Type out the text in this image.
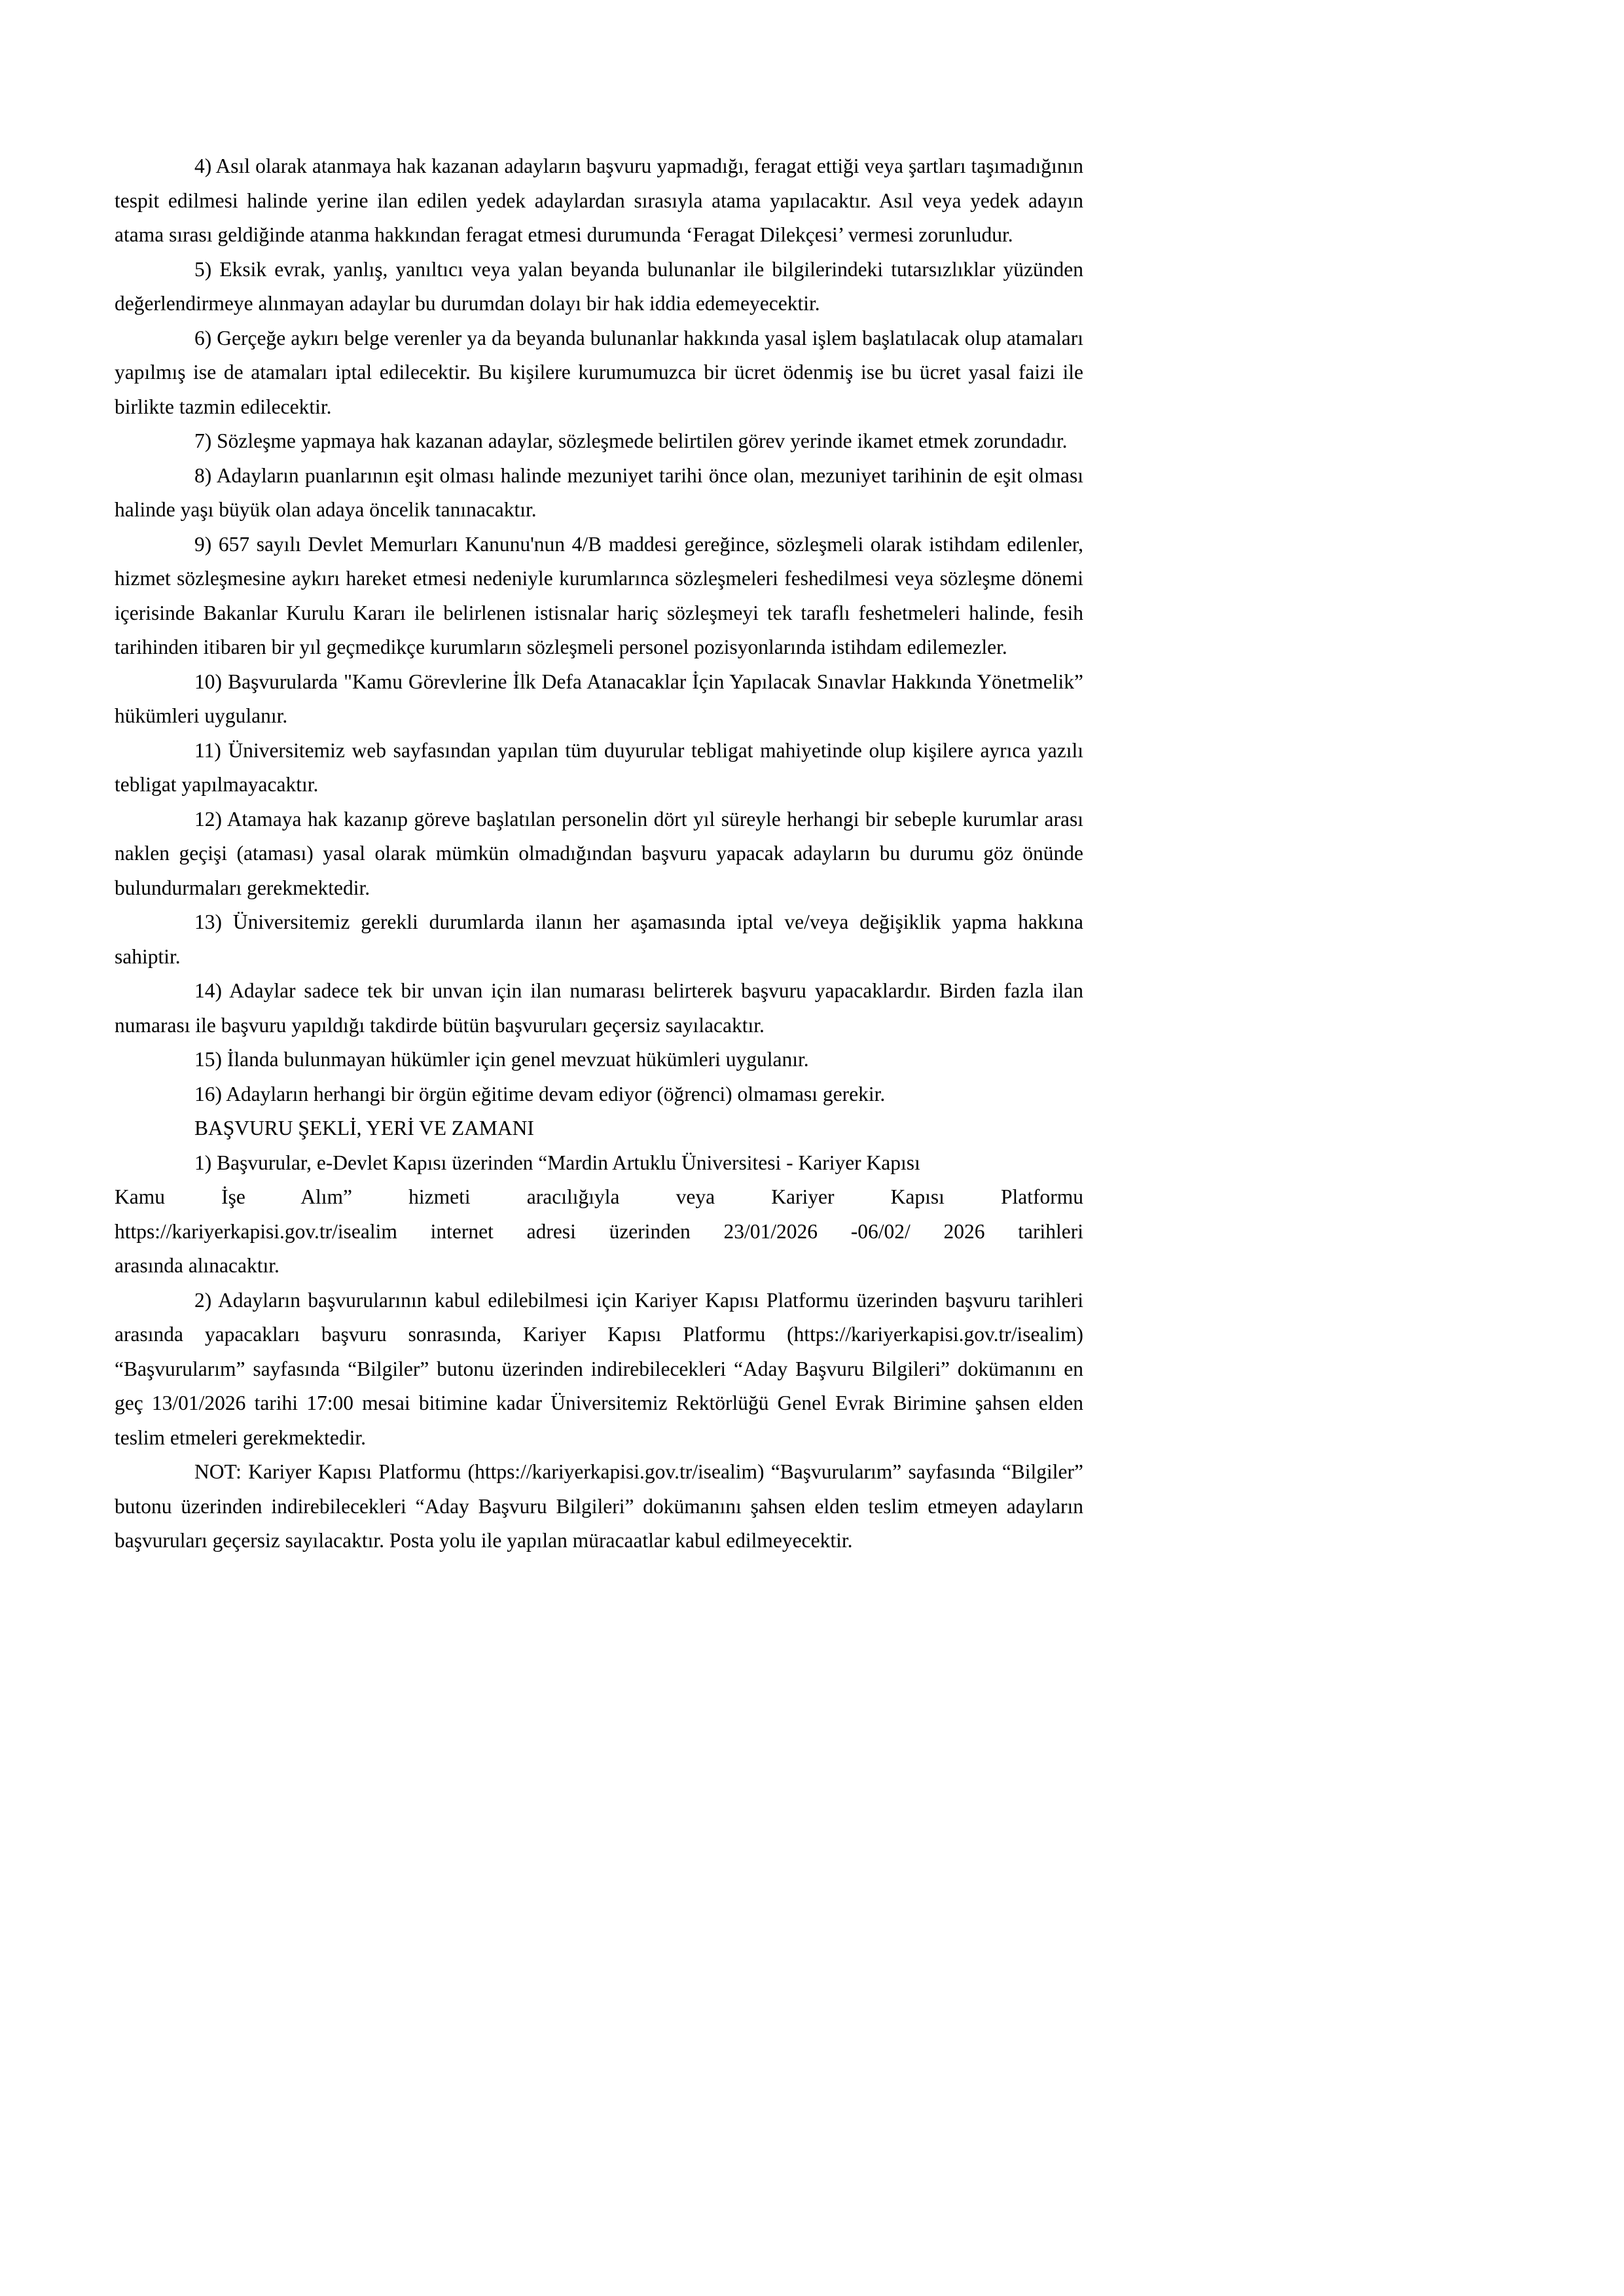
4) Asıl olarak atanmaya hak kazanan adayların başvuru yapmadığı, feragat ettiği veya şartları taşımadığının tespit edilmesi halinde yerine ilan edilen yedek adaylardan sırasıyla atama yapılacaktır. Asıl veya yedek adayın atama sırası geldiğinde atanma hakkından feragat etmesi durumunda ‘Feragat Dilekçesi’ vermesi zorunludur.

5) Eksik evrak, yanlış, yanıltıcı veya yalan beyanda bulunanlar ile bilgilerindeki tutarsızlıklar yüzünden değerlendirmeye alınmayan adaylar bu durumdan dolayı bir hak iddia edemeyecektir.

6) Gerçeğe aykırı belge verenler ya da beyanda bulunanlar hakkında yasal işlem başlatılacak olup atamaları yapılmış ise de atamaları iptal edilecektir. Bu kişilere kurumumuzca bir ücret ödenmiş ise bu ücret yasal faizi ile birlikte tazmin edilecektir.

7) Sözleşme yapmaya hak kazanan adaylar, sözleşmede belirtilen görev yerinde ikamet etmek zorundadır.

8) Adayların puanlarının eşit olması halinde mezuniyet tarihi önce olan, mezuniyet tarihinin de eşit olması halinde yaşı büyük olan adaya öncelik tanınacaktır.

9) 657 sayılı Devlet Memurları Kanunu'nun 4/B maddesi gereğince, sözleşmeli olarak istihdam edilenler, hizmet sözleşmesine aykırı hareket etmesi nedeniyle kurumlarınca sözleşmeleri feshedilmesi veya sözleşme dönemi içerisinde Bakanlar Kurulu Kararı ile belirlenen istisnalar hariç sözleşmeyi tek taraflı feshetmeleri halinde, fesih tarihinden itibaren bir yıl geçmedikçe kurumların sözleşmeli personel pozisyonlarında istihdam edilemezler.

10) Başvurularda "Kamu Görevlerine İlk Defa Atanacaklar İçin Yapılacak Sınavlar Hakkında Yönetmelik” hükümleri uygulanır.

11) Üniversitemiz web sayfasından yapılan tüm duyurular tebligat mahiyetinde olup kişilere ayrıca yazılı tebligat yapılmayacaktır.

12) Atamaya hak kazanıp göreve başlatılan personelin dört yıl süreyle herhangi bir sebeple kurumlar arası naklen geçişi (ataması) yasal olarak mümkün olmadığından başvuru yapacak adayların bu durumu göz önünde bulundurmaları gerekmektedir.

13) Üniversitemiz gerekli durumlarda ilanın her aşamasında iptal ve/veya değişiklik yapma hakkına sahiptir.

14) Adaylar sadece tek bir unvan için ilan numarası belirterek başvuru yapacaklardır. Birden fazla ilan numarası ile başvuru yapıldığı takdirde bütün başvuruları geçersiz sayılacaktır.

15) İlanda bulunmayan hükümler için genel mevzuat hükümleri uygulanır.

16) Adayların herhangi bir örgün eğitime devam ediyor (öğrenci) olmaması gerekir.

BAŞVURU ŞEKLİ, YERİ VE ZAMANI

1) Başvurular, e-Devlet Kapısı üzerinden “Mardin Artuklu Üniversitesi - Kariyer Kapısı
Kamu İşe Alım” hizmeti aracılığıyla veya Kariyer Kapısı Platformu
https://kariyerkapisi.gov.tr/isealim internet adresi üzerinden 23/01/2026 -06/02/ 2026 tarihleri
arasında alınacaktır.

2) Adayların başvurularının kabul edilebilmesi için Kariyer Kapısı Platformu üzerinden başvuru tarihleri arasında yapacakları başvuru sonrasında, Kariyer Kapısı Platformu (https://kariyerkapisi.gov.tr/isealim) “Başvurularım” sayfasında “Bilgiler” butonu üzerinden indirebilecekleri “Aday Başvuru Bilgileri” dokümanını en geç 13/01/2026 tarihi 17:00 mesai bitimine kadar Üniversitemiz Rektörlüğü Genel Evrak Birimine şahsen elden teslim etmeleri gerekmektedir.

NOT: Kariyer Kapısı Platformu (https://kariyerkapisi.gov.tr/isealim) “Başvurularım” sayfasında “Bilgiler” butonu üzerinden indirebilecekleri “Aday Başvuru Bilgileri” dokümanını şahsen elden teslim etmeyen adayların başvuruları geçersiz sayılacaktır. Posta yolu ile yapılan müracaatlar kabul edilmeyecektir.
